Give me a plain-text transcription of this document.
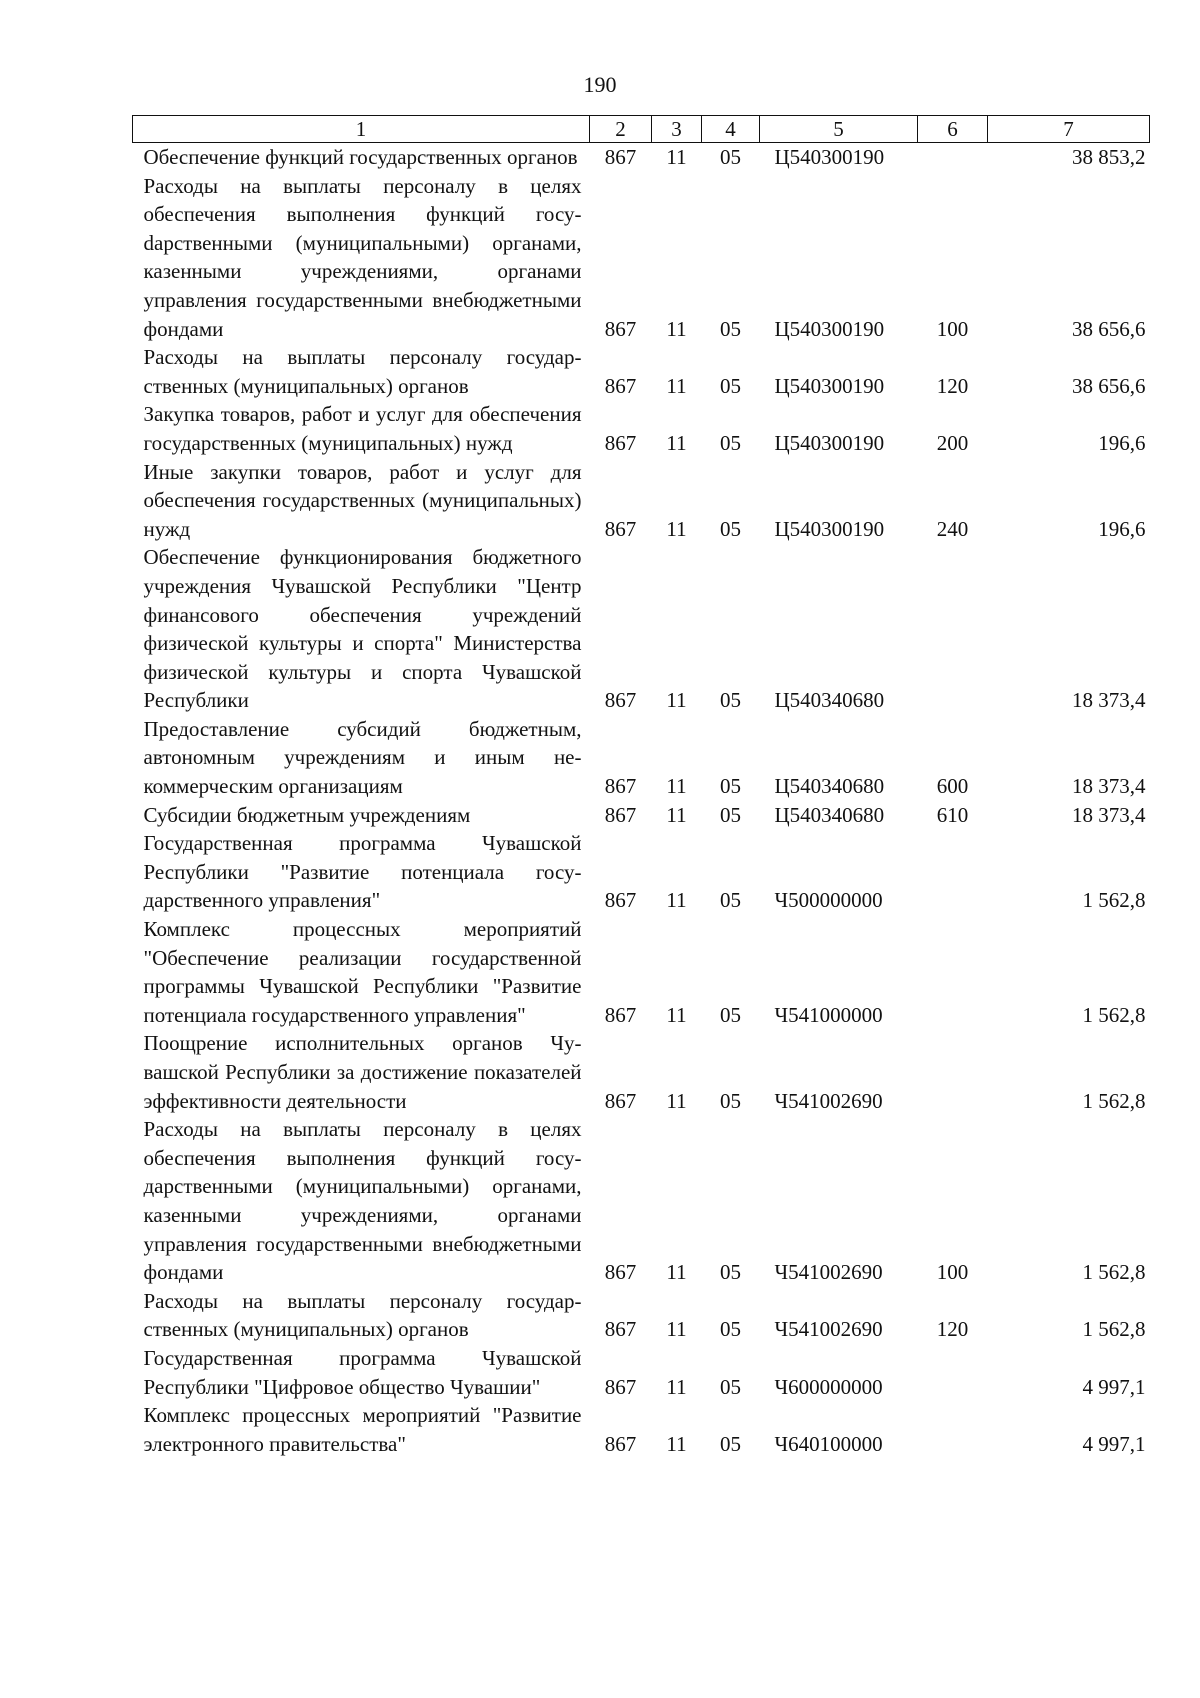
190
1	2	3	4	5	6	7
Обеспечение функций государственных органов	867	11	05	Ц540300190		38 853,2
Расходы на выплаты персоналу в целях обеспечения выполнения функций госуdарственными (муниципальными) органами, казенными учреждениями, органами управления государственными внебюджетными фондами	867	11	05	Ц540300190	100	38 656,6
Расходы на выплаты персоналу государственных (муниципальных) органов	867	11	05	Ц540300190	120	38 656,6
Закупка товаров, работ и услуг для обеспечения государственных (муниципальных) нужд	867	11	05	Ц540300190	200	196,6
Иные закупки товаров, работ и услуг для обеспечения государственных (муниципальных) нужд	867	11	05	Ц540300190	240	196,6
Обеспечение функционирования бюджетного учреждения Чувашской Республики "Центр финансового обеспечения учреждений физической культуры и спорта" Министерства физической культуры и спорта Чувашской Республики	867	11	05	Ц540340680		18 373,4
Предоставление субсидий бюджетным, автономным учреждениям и иным некоммерческим организациям	867	11	05	Ц540340680	600	18 373,4
Субсидии бюджетным учреждениям	867	11	05	Ц540340680	610	18 373,4
Государственная программа Чувашской Республики "Развитие потенциала государственного управления"	867	11	05	Ч500000000		1 562,8
Комплекс процессных мероприятий "Обеспечение реализации государственной программы Чувашской Республики "Развитие потенциала государственного управления"	867	11	05	Ч541000000		1 562,8
Поощрение исполнительных органов Чувашской Республики за достижение показателей эффективности деятельности	867	11	05	Ч541002690		1 562,8
Расходы на выплаты персоналу в целях обеспечения выполнения функций государственными (муниципальными) органами, казенными учреждениями, органами управления государственными внебюджетными фондами	867	11	05	Ч541002690	100	1 562,8
Расходы на выплаты персоналу государственных (муниципальных) органов	867	11	05	Ч541002690	120	1 562,8
Государственная программа Чувашской Республики "Цифровое общество Чувашии"	867	11	05	Ч600000000		4 997,1
Комплекс процессных мероприятий "Развитие электронного правительства"	867	11	05	Ч640100000		4 997,1
